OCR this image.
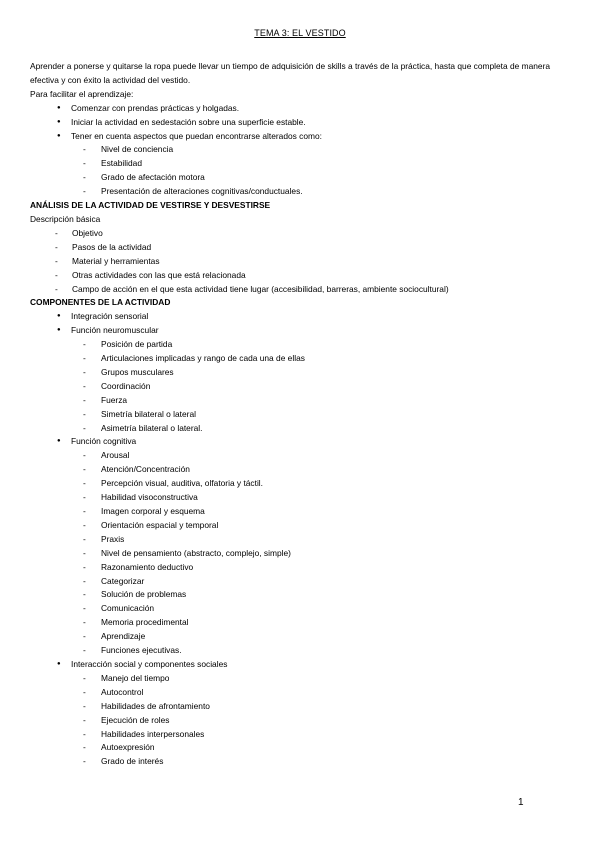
TEMA 3: EL VESTIDO

Aprender a ponerse y quitarse la ropa puede llevar un tiempo de adquisición de skills a través de la práctica, hasta que completa de manera efectiva y con éxito la actividad del vestido.

Para facilitar el aprendizaje:
● Comenzar con prendas prácticas y holgadas.
● Iniciar la actividad en sedestación sobre una superficie estable.
● Tener en cuenta aspectos que puedan encontrarse alterados como:
- Nivel de conciencia
- Estabilidad
- Grado de afectación motora
- Presentación de alteraciones cognitivas/conductuales.
ANÁLISIS DE LA ACTIVIDAD DE VESTIRSE Y DESVESTIRSE
Descripción básica
- Objetivo
- Pasos de la actividad
- Material y herramientas
- Otras actividades con las que está relacionada
- Campo de acción en el que esta actividad tiene lugar (accesibilidad, barreras, ambiente sociocultural)
COMPONENTES DE LA ACTIVIDAD
● Integración sensorial
● Función neuromuscular
- Posición de partida
- Articulaciones implicadas y rango de cada una de ellas
- Grupos musculares
- Coordinación
- Fuerza
- Simetría bilateral o lateral
- Asimetría bilateral o lateral.
● Función cognitiva
- Arousal
- Atención/Concentración
- Percepción visual, auditiva, olfatoria y táctil.
- Habilidad visoconstructiva
- Imagen corporal y esquema
- Orientación espacial y temporal
- Praxis
- Nivel de pensamiento (abstracto, complejo, simple)
- Razonamiento deductivo
- Categorizar
- Solución de problemas
- Comunicación
- Memoria procedimental
- Aprendizaje
- Funciones ejecutivas.
● Interacción social y componentes sociales
- Manejo del tiempo
- Autocontrol
- Habilidades de afrontamiento
- Ejecución de roles
- Habilidades interpersonales
- Autoexpresión
- Grado de interés
1
